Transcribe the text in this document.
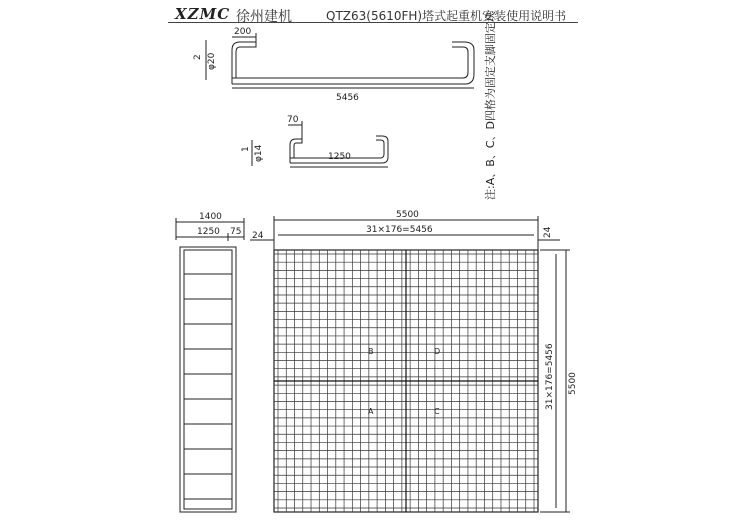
XZMC 徐州建机	QTZ63(5610FH)塔式起重机安装使用说明书
200
5456
2 φ20
70
1250
1 φ14	注:A、B、C、D四格为固定支脚固定块
1400
1250 75
5500
31×176=5456
24	24
31×176=5456 5500
B	D
A	C
